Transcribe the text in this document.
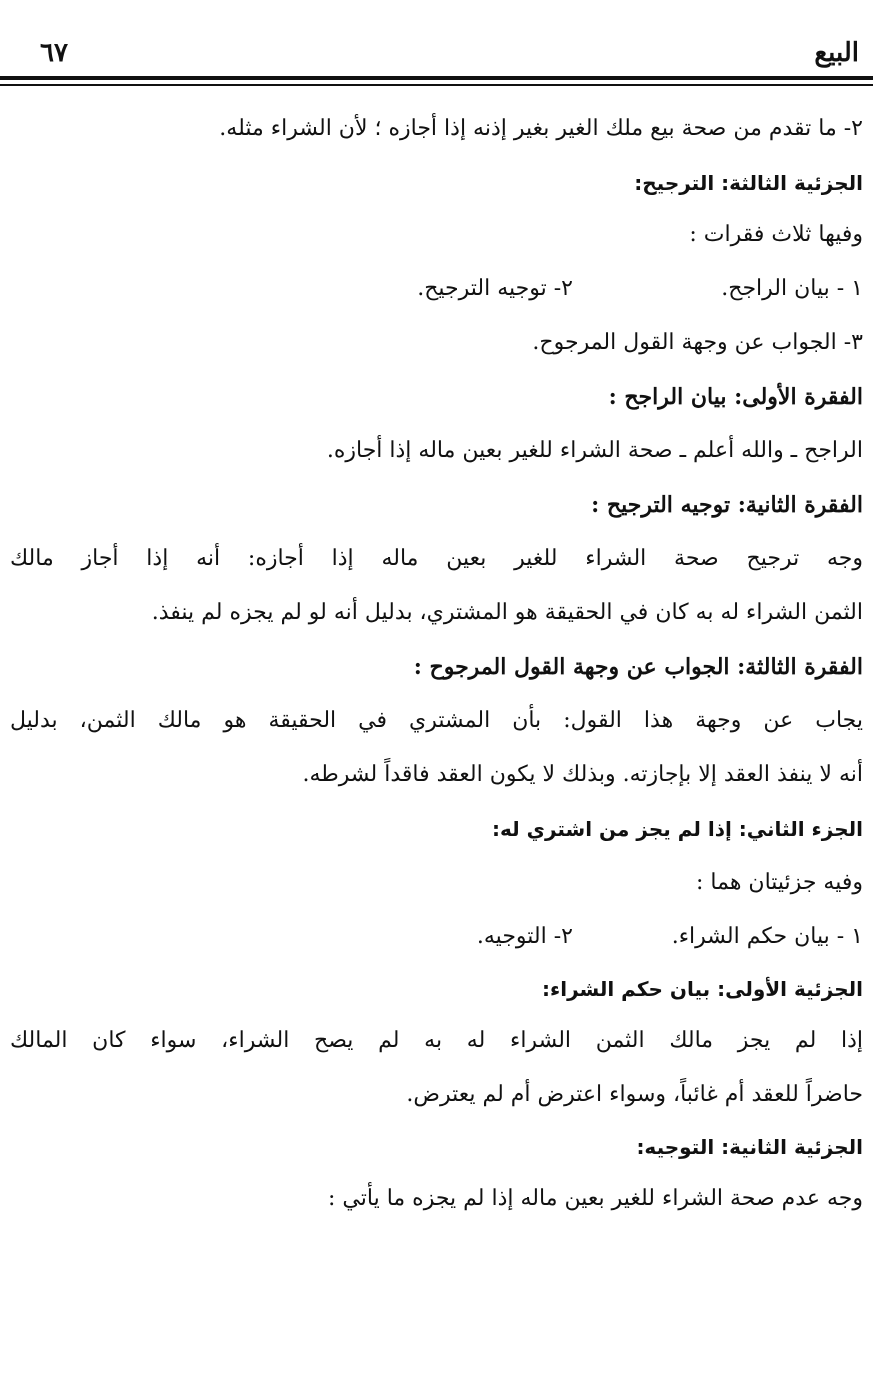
البيع
٦٧
٢- ما تقدم من صحة بيع ملك الغير بغير إذنه إذا أجازه ؛ لأن الشراء مثله.
الجزئية الثالثة: الترجيح:
وفيها ثلاث فقرات :
١ - بيان الراجح.
٢- توجيه الترجيح.
٣- الجواب عن وجهة القول المرجوح.
الفقرة الأولى: بيان الراجح :
الراجح ـ والله أعلم ـ صحة الشراء للغير بعين ماله إذا أجازه.
الفقرة الثانية: توجيه الترجيح :
وجه ترجيح صحة الشراء للغير بعين ماله إذا أجازه: أنه إذا أجاز مالك
الثمن الشراء له به كان في الحقيقة هو المشتري، بدليل أنه لو لم يجزه لم ينفذ.
الفقرة الثالثة: الجواب عن وجهة القول المرجوح :
يجاب عن وجهة هذا القول: بأن المشتري في الحقيقة هو مالك الثمن، بدليل
أنه لا ينفذ العقد إلا بإجازته. وبذلك لا يكون العقد فاقداً لشرطه.
الجزء الثاني: إذا لم يجز من اشتري له:
وفيه جزئيتان هما :
١ - بيان حكم الشراء.
٢- التوجيه.
الجزئية الأولى: بيان حكم الشراء:
إذا لم يجز مالك الثمن الشراء له به لم يصح الشراء، سواء كان المالك
حاضراً للعقد أم غائباً، وسواء اعترض أم لم يعترض.
الجزئية الثانية: التوجيه:
وجه عدم صحة الشراء للغير بعين ماله إذا لم يجزه ما يأتي :
